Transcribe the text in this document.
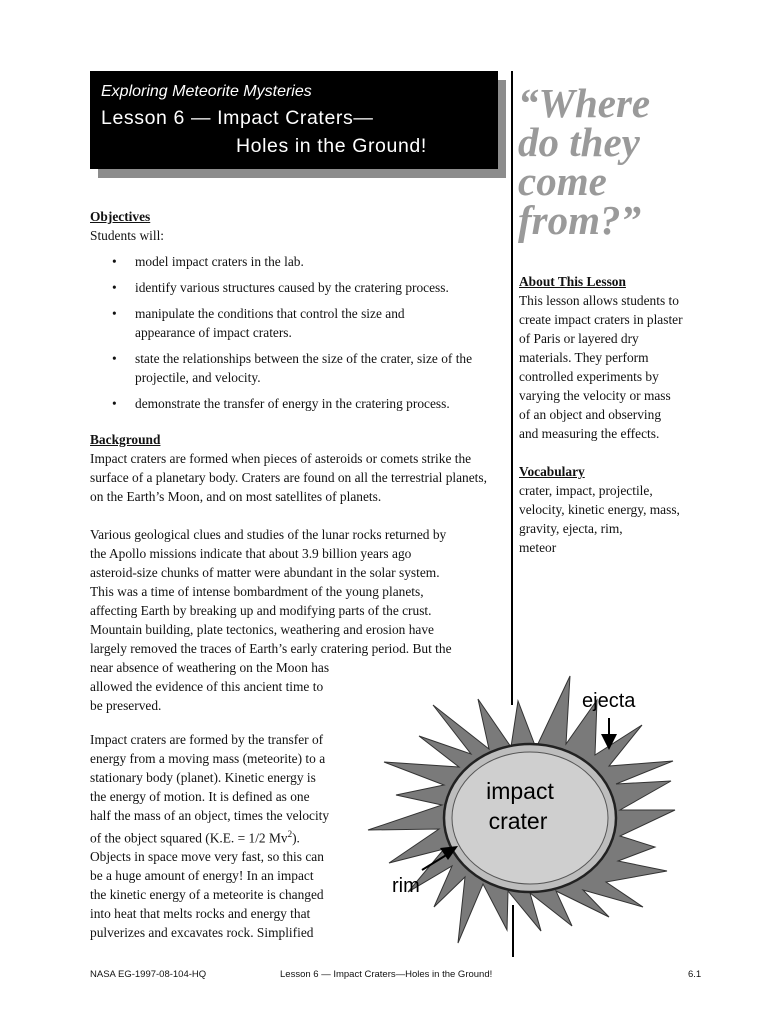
Exploring Meteorite Mysteries
Lesson 6 — Impact Craters—
Holes in the Ground!
“Where
do they
come
from?”
Objectives
Students will:
• model impact craters in the lab.
• identify various structures caused by the cratering process.
• manipulate the conditions that control the size and appearance of impact craters.
• state the relationships between the size of the crater, size of the projectile, and velocity.
• demonstrate the transfer of energy in the cratering process.
Background
Impact craters are formed when pieces of asteroids or comets strike the surface of a planetary body. Craters are found on all the terrestrial planets, on the Earth’s Moon, and on most satellites of planets.
Various geological clues and studies of the lunar rocks returned by
the Apollo missions indicate that about 3.9 billion years ago
asteroid-size chunks of matter were abundant in the solar system.
This was a time of intense bombardment of the young planets,
affecting Earth by breaking up and modifying parts of the crust.
Mountain building, plate tectonics, weathering and erosion have
largely removed the traces of Earth’s early cratering period. But the
near absence of weathering on the Moon has
allowed the evidence of this ancient time to
be preserved.
Impact craters are formed by the transfer of
energy from a moving mass (meteorite) to a
stationary body (planet). Kinetic energy is
the energy of motion. It is defined as one
half the mass of an object, times the velocity
of the object squared (K.E. = 1/2 Mv$^2$).
Objects in space move very fast, so this can
be a huge amount of energy! In an impact
the kinetic energy of a meteorite is changed
into heat that melts rocks and energy that
pulverizes and excavates rock. Simplified
About This Lesson
This lesson allows students to
create impact craters in plaster
of Paris or layered dry
materials. They perform
controlled experiments by
varying the velocity or mass
of an object and observing
and measuring the effects.
Vocabulary
crater, impact, projectile,
velocity, kinetic energy, mass,
gravity, ejecta, rim,
meteor
impact
crater
ejecta
rim
NASA EG-1997-08-104-HQ	Lesson 6 — Impact Craters—Holes in the Ground!	6.1
